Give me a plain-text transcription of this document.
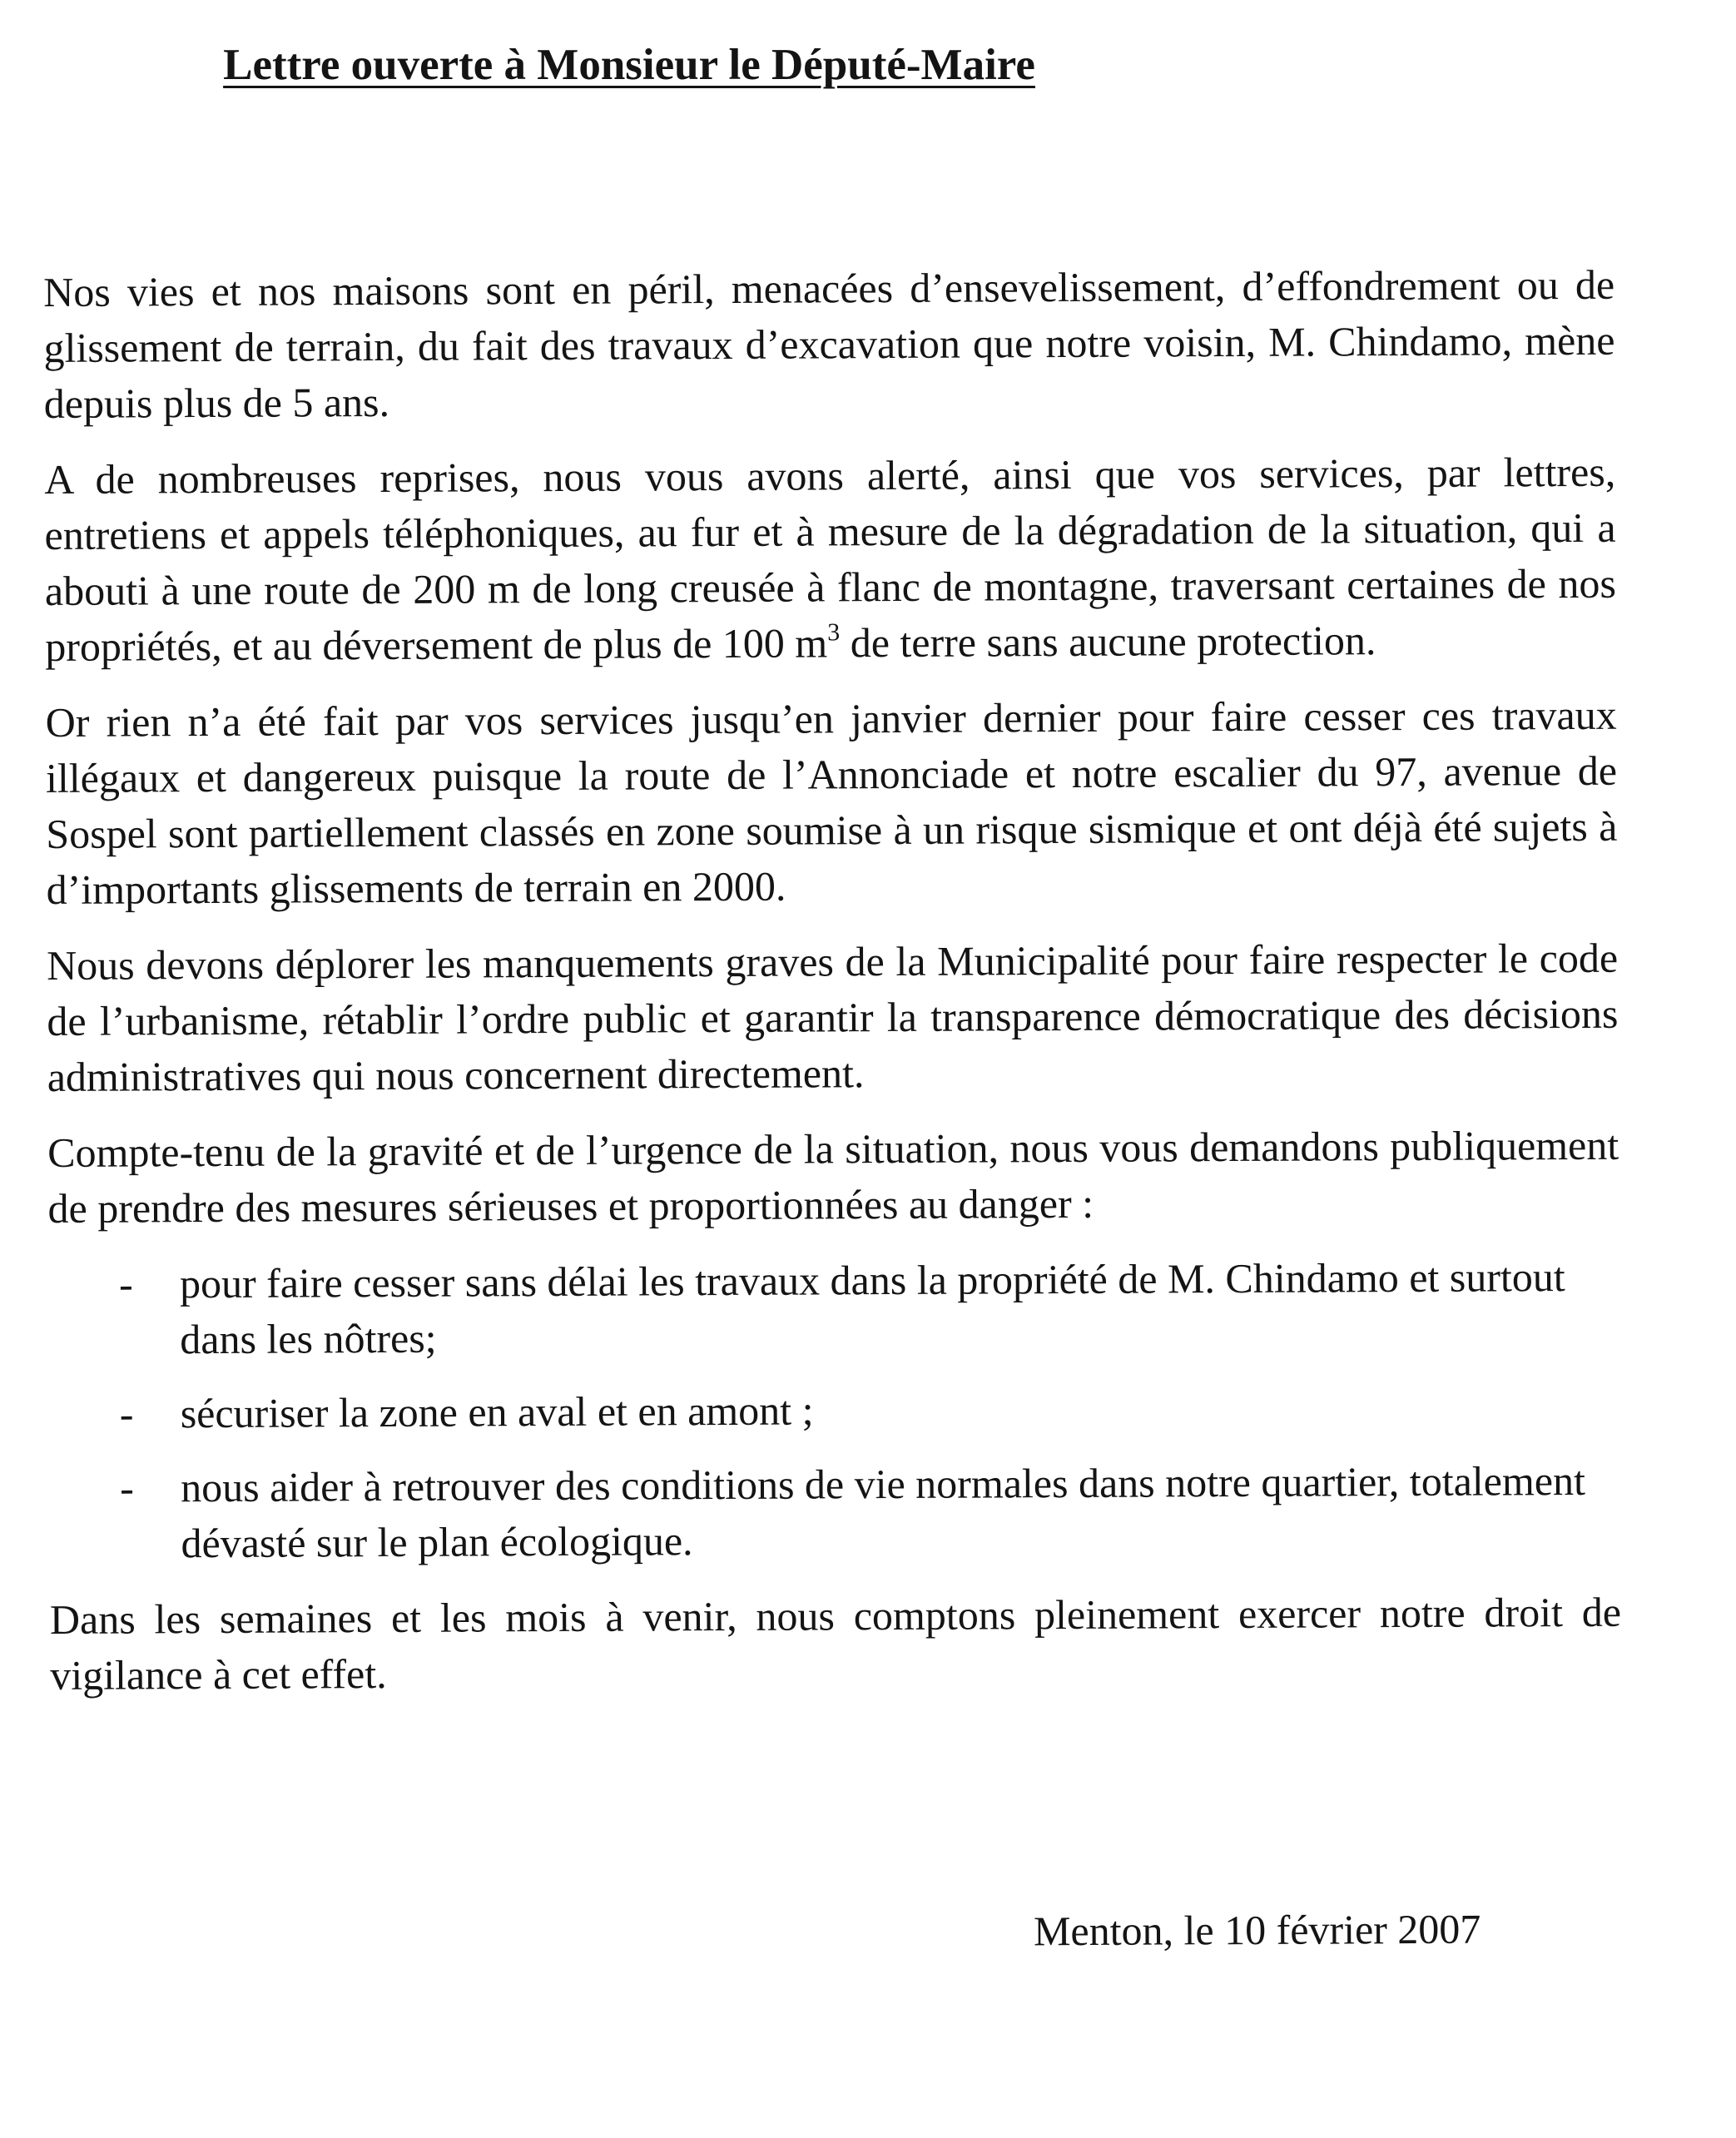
Lettre ouverte à Monsieur le Député-Maire

Nos vies et nos maisons sont en péril, menacées d’ensevelissement, d’effondrement ou de glissement de terrain, du fait des travaux d’excavation que notre voisin, M. Chindamo, mène depuis plus de 5 ans.

A de nombreuses reprises, nous vous avons alerté, ainsi que vos services, par lettres, entretiens et appels téléphoniques, au fur et à mesure de la dégradation de la situation, qui a abouti à une route de 200 m de long creusée à flanc de montagne, traversant certaines de nos propriétés, et au déversement de plus de 100 $m^3$ de terre sans aucune protection.

Or rien n’a été fait par vos services jusqu’en janvier dernier pour faire cesser ces travaux illégaux et dangereux puisque la route de l’Annonciade et notre escalier du 97, avenue de Sospel sont partiellement classés en zone soumise à un risque sismique et ont déjà été sujets à d’importants glissements de terrain en 2000.

Nous devons déplorer les manquements graves de la Municipalité pour faire respecter le code de l’urbanisme, rétablir l’ordre public et garantir la transparence démocratique des décisions administratives qui nous concernent directement.

Compte-tenu de la gravité et de l’urgence de la situation, nous vous demandons publiquement de prendre des mesures sérieuses et proportionnées au danger :

- pour faire cesser sans délai les travaux dans la propriété de M. Chindamo et surtout dans les nôtres;
- sécuriser la zone en aval et en amont ;
- nous aider à retrouver des conditions de vie normales dans notre quartier, totalement dévasté sur le plan écologique.

Dans les semaines et les mois à venir, nous comptons pleinement exercer notre droit de vigilance à cet effet.

Menton, le 10 février 2007
